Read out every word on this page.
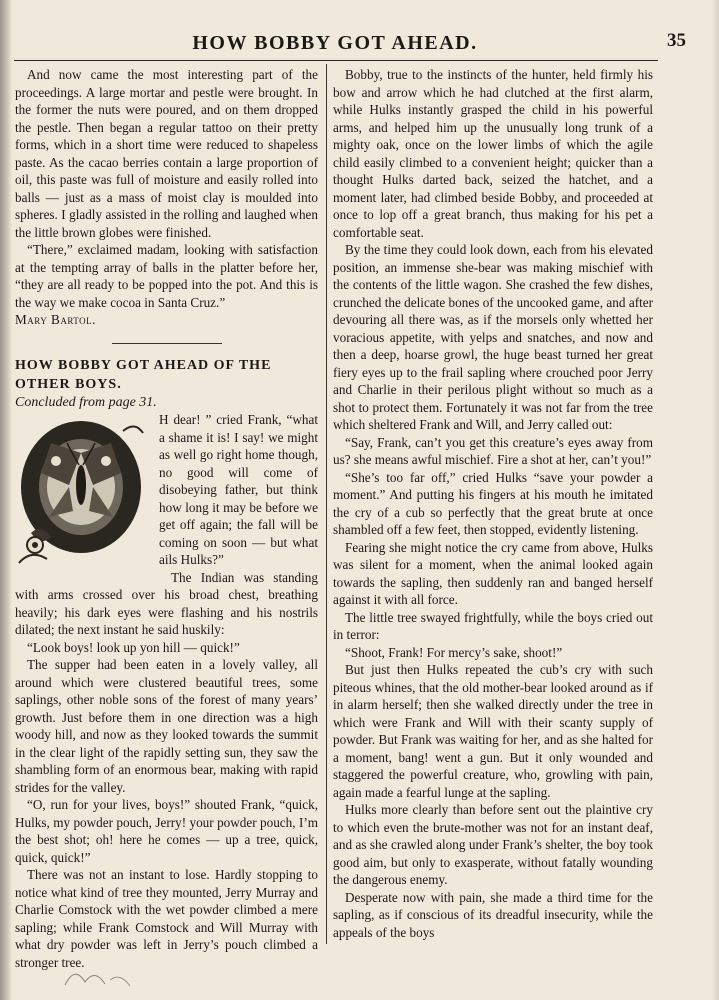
HOW BOBBY GOT AHEAD.	35

And now came the most interesting part of the proceedings. A large mortar and pestle were brought. In the former the nuts were poured, and on them dropped the pestle. Then began a regular tattoo on their pretty forms, which in a short time were reduced to shapeless paste. As the cacao berries contain a large proportion of oil, this paste was full of moisture and easily rolled into balls — just as a mass of moist clay is moulded into spheres. I gladly assisted in the rolling and laughed when the little brown globes were finished.

“There,” exclaimed madam, looking with satisfaction at the tempting array of balls in the platter before her, “they are all ready to be popped into the pot. And this is the way we make cocoa in Santa Cruz.”

Mary Bartol.

HOW BOBBY GOT AHEAD OF THE

OTHER BOYS.

Concluded from page 31.

H dear! ” cried Frank, “what a shame it is! I say! we might as well go right home though, no good will come of disobeying father, but think how long it may be before we get off again; the fall will be coming on soon — but what ails Hulks?”

The Indian was standing with arms crossed over his broad chest, breathing heavily; his dark eyes were flashing and his nostrils dilated; the next instant he said huskily:

“Look boys! look up yon hill — quick!”

The supper had been eaten in a lovely valley, all around which were clustered beautiful trees, some saplings, other noble sons of the forest of many years’ growth. Just before them in one direction was a high woody hill, and now as they looked towards the summit in the clear light of the rapidly setting sun, they saw the shambling form of an enormous bear, making with rapid strides for the valley.

“O, run for your lives, boys!” shouted Frank, “quick, Hulks, my powder pouch, Jerry! your powder pouch, I’m the best shot; oh! here he comes — up a tree, quick, quick, quick!”

There was not an instant to lose. Hardly stopping to notice what kind of tree they mounted, Jerry Murray and Charlie Comstock with the wet powder climbed a mere sapling; while Frank Comstock and Will Murray with what dry powder was left in Jerry’s pouch climbed a stronger tree.

Bobby, true to the instincts of the hunter, held firmly his bow and arrow which he had clutched at the first alarm, while Hulks instantly grasped the child in his powerful arms, and helped him up the unusually long trunk of a mighty oak, once on the lower limbs of which the agile child easily climbed to a convenient height; quicker than a thought Hulks darted back, seized the hatchet, and a moment later, had climbed beside Bobby, and proceeded at once to lop off a great branch, thus making for his pet a comfortable seat.

By the time they could look down, each from his elevated position, an immense she-bear was making mischief with the contents of the little wagon. She crashed the few dishes, crunched the delicate bones of the uncooked game, and after devouring all there was, as if the morsels only whetted her voracious appetite, with yelps and snatches, and now and then a deep, hoarse growl, the huge beast turned her great fiery eyes up to the frail sapling where crouched poor Jerry and Charlie in their perilous plight without so much as a shot to protect them. Fortunately it was not far from the tree which sheltered Frank and Will, and Jerry called out:

“Say, Frank, can’t you get this creature’s eyes away from us? she means awful mischief. Fire a shot at her, can’t you!”

“She’s too far off,” cried Hulks “save your powder a moment.” And putting his fingers at his mouth he imitated the cry of a cub so perfectly that the great brute at once shambled off a few feet, then stopped, evidently listening.

Fearing she might notice the cry came from above, Hulks was silent for a moment, when the animal looked again towards the sapling, then suddenly ran and banged herself against it with all force.

The little tree swayed frightfully, while the boys cried out in terror:

“Shoot, Frank! For mercy’s sake, shoot!”

But just then Hulks repeated the cub’s cry with such piteous whines, that the old mother-bear looked around as if in alarm herself; then she walked directly under the tree in which were Frank and Will with their scanty supply of powder. But Frank was waiting for her, and as she halted for a moment, bang! went a gun. But it only wounded and staggered the powerful creature, who, growling with pain, again made a fearful lunge at the sapling.

Hulks more clearly than before sent out the plaintive cry to which even the brute-mother was not for an instant deaf, and as she crawled along under Frank’s shelter, the boy took good aim, but only to exasperate, without fatally wounding the dangerous enemy.

Desperate now with pain, she made a third time for the sapling, as if conscious of its dreadful insecurity, while the appeals of the boys
